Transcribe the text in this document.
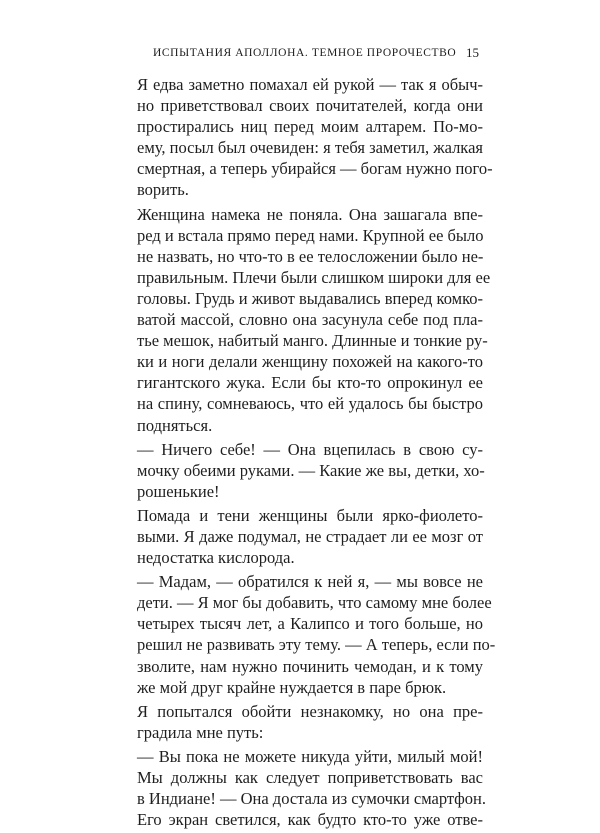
ИСПЫТАНИЯ АПОЛЛОНА. ТЕМНОЕ ПРОРОЧЕСТВО 15

Я едва заметно помахал ей рукой — так я обыч-
но приветствовал своих почитателей, когда они
простирались ниц перед моим алтарем. По-мо-
ему, посыл был очевиден: я тебя заметил, жалкая
смертная, а теперь убирайся — богам нужно пого-
ворить.

Женщина намека не поняла. Она зашагала впе-
ред и встала прямо перед нами. Крупной ее было
не назвать, но что-то в ее телосложении было не-
правильным. Плечи были слишком широки для ее
головы. Грудь и живот выдавались вперед комко-
ватой массой, словно она засунула себе под пла-
тье мешок, набитый манго. Длинные и тонкие ру-
ки и ноги делали женщину похожей на какого-то
гигантского жука. Если бы кто-то опрокинул ее
на спину, сомневаюсь, что ей удалось бы быстро
подняться.

— Ничего себе! — Она вцепилась в свою су-
мочку обеими руками. — Какие же вы, детки, хо-
рошенькие!

Помада и тени женщины были ярко-фиолето-
выми. Я даже подумал, не страдает ли ее мозг от
недостатка кислорода.

— Мадам, — обратился к ней я, — мы вовсе не
дети. — Я мог бы добавить, что самому мне более
четырех тысяч лет, а Калипсо и того больше, но
решил не развивать эту тему. — А теперь, если по-
зволите, нам нужно починить чемодан, и к тому
же мой друг крайне нуждается в паре брюк.

Я попытался обойти незнакомку, но она пре-
градила мне путь:

— Вы пока не можете никуда уйти, милый мой!
Мы должны как следует поприветствовать вас
в Индиане! — Она достала из сумочки смартфон.
Его экран светился, как будто кто-то уже отве-
